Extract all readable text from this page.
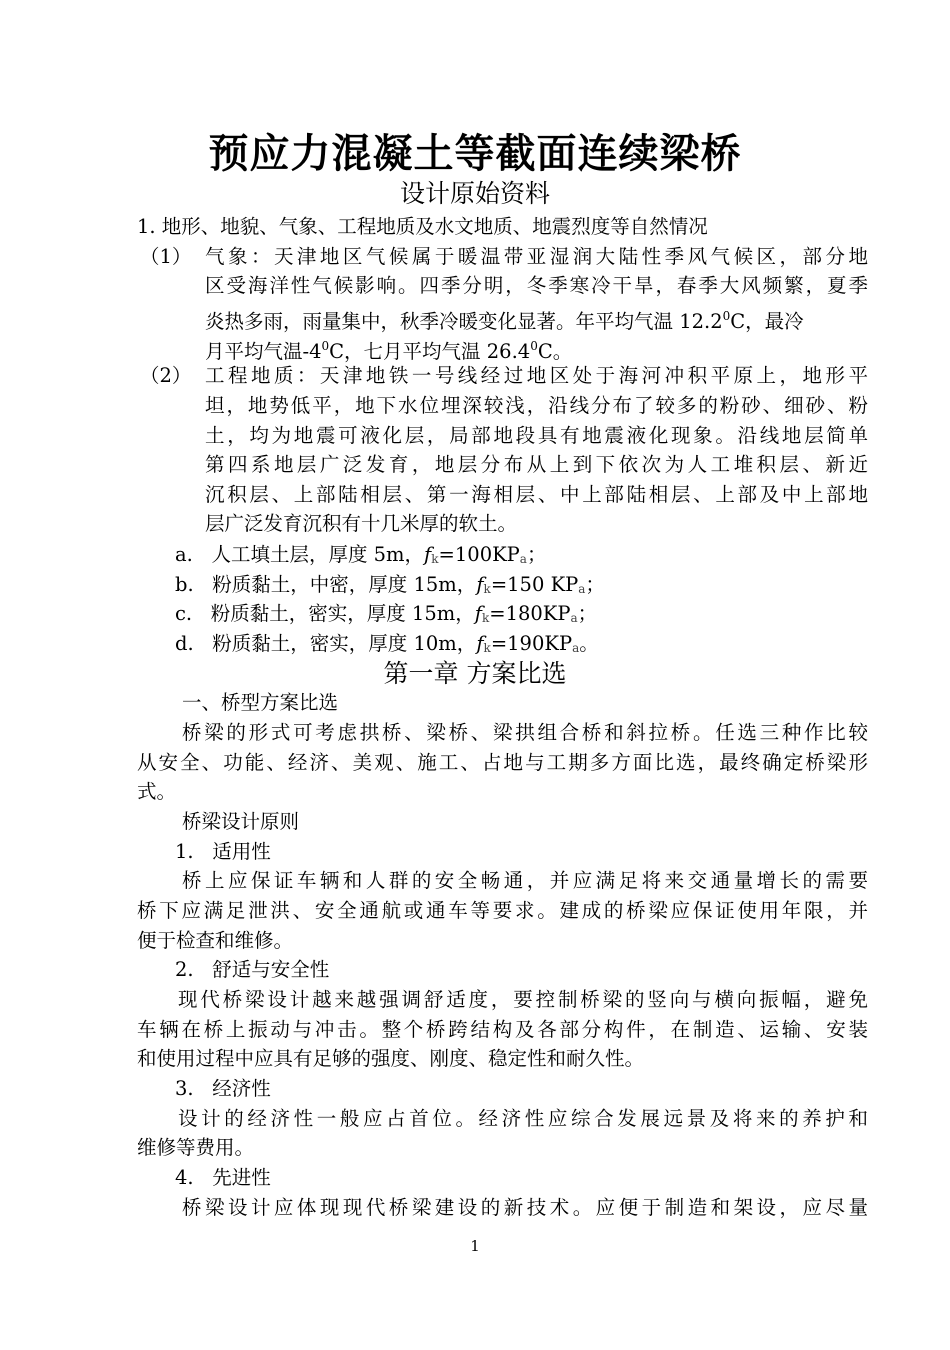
预应力混凝土等截面连续梁桥
设计原始资料
1. 地形、地貌、气象、工程地质及水文地质、地震烈度等自然情况
（1） 气象：天津地区气候属于暖温带亚湿润大陆性季风气候区，部分地
区受海洋性气候影响。四季分明，冬季寒冷干旱，春季大风频繁，夏季
炎热多雨，雨量集中，秋季冷暖变化显著。年平均气温 12.2$^0$C，最冷
月平均气温$-4^0C$，七月平均气温 26.4$^0$C。
（2） 工程地质：天津地铁一号线经过地区处于海河冲积平原上，地形平
坦，地势低平，地下水位埋深较浅，沿线分布了较多的粉砂、细砂、粉
土，均为地震可液化层，局部地段具有地震液化现象。沿线地层简单
第四系地层广泛发育，地层分布从上到下依次为人工堆积层、新近
沉积层、上部陆相层、第一海相层、中上部陆相层、上部及中上部地
层广泛发育沉积有十几米厚的软土。
a. 人工填土层，厚度 5m，fk=100KPa；
b. 粉质黏土，中密，厚度 15m，fk=150 KPa；
c. 粉质黏土，密实，厚度 15m，fk=180KPa；
d. 粉质黏土，密实，厚度 10m，fk=190KPa。
第一章 方案比选
一、桥型方案比选
桥梁的形式可考虑拱桥、梁桥、梁拱组合桥和斜拉桥。任选三种作比较
从安全、功能、经济、美观、施工、占地与工期多方面比选，最终确定桥梁形
式。
桥梁设计原则
1.   适用性
桥上应保证车辆和人群的安全畅通，并应满足将来交通量增长的需要
桥下应满足泄洪、安全通航或通车等要求。建成的桥梁应保证使用年限，并
便于检查和维修。
2.   舒适与安全性
现代桥梁设计越来越强调舒适度，要控制桥梁的竖向与横向振幅，避免
车辆在桥上振动与冲击。整个桥跨结构及各部分构件，在制造、运输、安装
和使用过程中应具有足够的强度、刚度、稳定性和耐久性。
3.   经济性
设计的经济性一般应占首位。经济性应综合发展远景及将来的养护和
维修等费用。
4.   先进性
桥梁设计应体现现代桥梁建设的新技术。应便于制造和架设，应尽量
1
